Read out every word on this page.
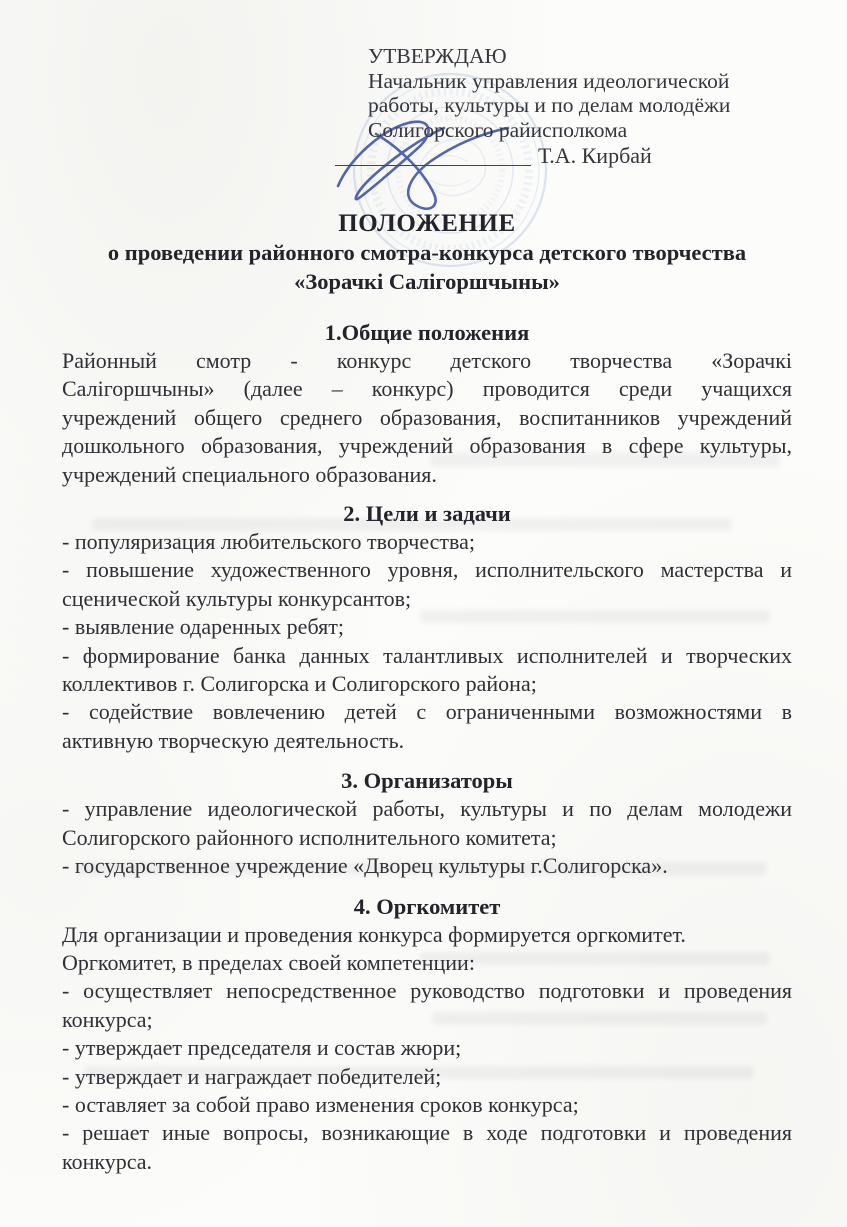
УТВЕРЖДАЮ
Начальник управления идеологической
работы, культуры и по делам молодёжи
Солигорского райисполкома
Т.А. Кирбай
ПОЛОЖЕНИЕ
о проведении районного смотра-конкурса детского творчества
«Зорачкі Салігоршчыны»
1.Общие положения
Районный смотр - конкурс детского творчества «Зорачкі
Салігоршчыны» (далее – конкурс) проводится среди учащихся
учреждений общего среднего образования, воспитанников учреждений
дошкольного образования, учреждений образования в сфере культуры,
учреждений специального образования.
2. Цели и задачи
- популяризация любительского творчества;
- повышение художественного уровня, исполнительского мастерства и
сценической культуры конкурсантов;
- выявление одаренных ребят;
- формирование банка данных талантливых исполнителей и творческих
коллективов г. Солигорска и Солигорского района;
- содействие вовлечению детей с ограниченными возможностями в
активную творческую деятельность.
3. Организаторы
- управление идеологической работы, культуры и по делам молодежи
Солигорского районного исполнительного комитета;
- государственное учреждение «Дворец культуры г.Солигорска».
4. Оргкомитет
Для организации и проведения конкурса формируется оргкомитет.
Оргкомитет, в пределах своей компетенции:
- осуществляет непосредственное руководство подготовки и проведения
конкурса;
- утверждает председателя и состав жюри;
- утверждает и награждает победителей;
- оставляет за собой право изменения сроков конкурса;
- решает иные вопросы, возникающие в ходе подготовки и проведения
конкурса.
